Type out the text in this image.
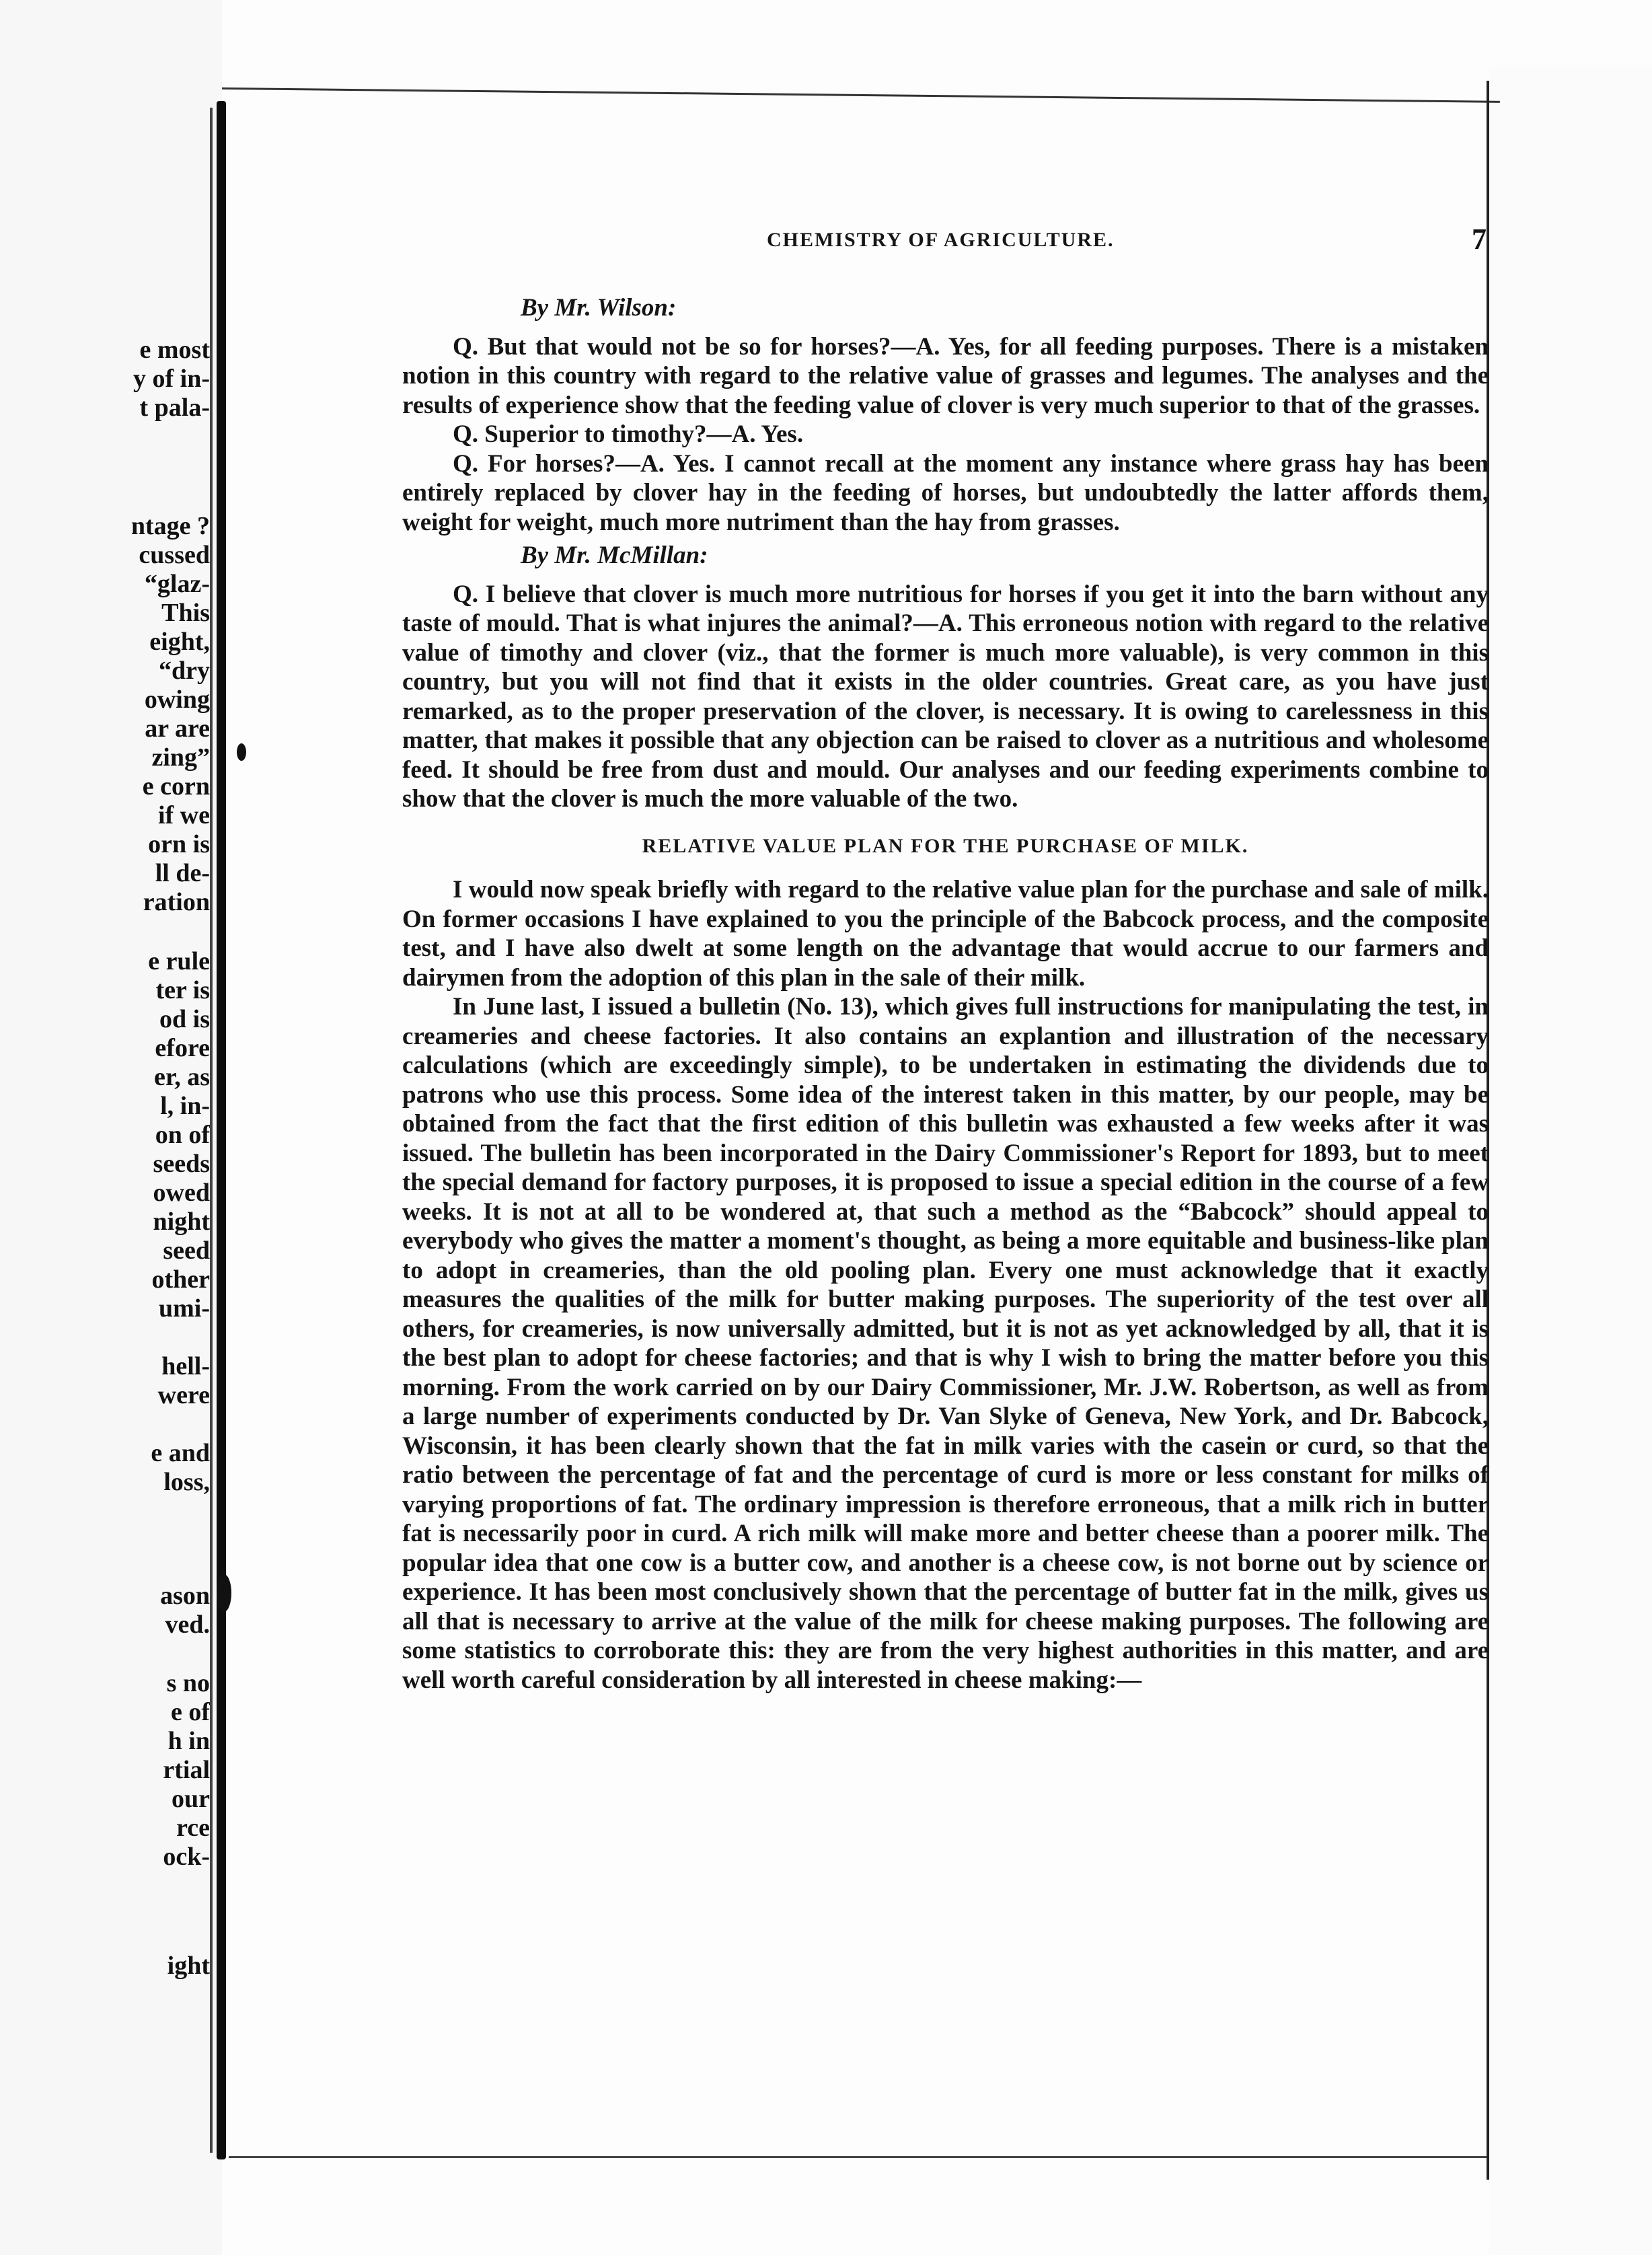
e most
y of in-
t pala-
ntage ?
cussed
“glaz-
This
eight,
“dry
owing
ar are
zing”
e corn
if we
orn is
ll de-
ration
e rule
ter is
od is
efore
er, as
l, in-
on of
seeds
owed
night
seed
other
umi-
hell-
were
e and
loss,
ason
ved.
s no
e of
h in
rtial
our
rce
ock-
ight
CHEMISTRY OF AGRICULTURE.	7

By Mr. Wilson:

Q. But that would not be so for horses?—A. Yes, for all feeding purposes. There is a mistaken notion in this country with regard to the relative value of grasses and legumes. The analyses and the results of experience show that the feeding value of clover is very much superior to that of the grasses.

Q. Superior to timothy?—A. Yes.

Q. For horses?—A. Yes. I cannot recall at the moment any instance where grass hay has been entirely replaced by clover hay in the feeding of horses, but undoubtedly the latter affords them, weight for weight, much more nutriment than the hay from grasses.

By Mr. McMillan:

Q. I believe that clover is much more nutritious for horses if you get it into the barn without any taste of mould. That is what injures the animal?—A. This erroneous notion with regard to the relative value of timothy and clover (viz., that the former is much more valuable), is very common in this country, but you will not find that it exists in the older countries. Great care, as you have just remarked, as to the proper preservation of the clover, is necessary. It is owing to carelessness in this matter, that makes it possible that any objection can be raised to clover as a nutritious and wholesome feed. It should be free from dust and mould. Our analyses and our feeding experiments combine to show that the clover is much the more valuable of the two.

RELATIVE VALUE PLAN FOR THE PURCHASE OF MILK.

I would now speak briefly with regard to the relative value plan for the purchase and sale of milk. On former occasions I have explained to you the principle of the Babcock process, and the composite test, and I have also dwelt at some length on the advantage that would accrue to our farmers and dairymen from the adoption of this plan in the sale of their milk.

In June last, I issued a bulletin (No. 13), which gives full instructions for manipulating the test, in creameries and cheese factories. It also contains an explantion and illustration of the necessary calculations (which are exceedingly simple), to be undertaken in estimating the dividends due to patrons who use this process. Some idea of the interest taken in this matter, by our people, may be obtained from the fact that the first edition of this bulletin was exhausted a few weeks after it was issued. The bulletin has been incorporated in the Dairy Commissioner's Report for 1893, but to meet the special demand for factory purposes, it is proposed to issue a special edition in the course of a few weeks. It is not at all to be wondered at, that such a method as the “Babcock” should appeal to everybody who gives the matter a moment's thought, as being a more equitable and business-like plan to adopt in creameries, than the old pooling plan. Every one must acknowledge that it exactly measures the qualities of the milk for butter making purposes. The superiority of the test over all others, for creameries, is now universally admitted, but it is not as yet acknowledged by all, that it is the best plan to adopt for cheese factories; and that is why I wish to bring the matter before you this morning. From the work carried on by our Dairy Commissioner, Mr. J.W. Robertson, as well as from a large number of experiments conducted by Dr. Van Slyke of Geneva, New York, and Dr. Babcock, Wisconsin, it has been clearly shown that the fat in milk varies with the casein or curd, so that the ratio between the percentage of fat and the percentage of curd is more or less constant for milks of varying proportions of fat. The ordinary impression is therefore erroneous, that a milk rich in butter fat is necessarily poor in curd. A rich milk will make more and better cheese than a poorer milk. The popular idea that one cow is a butter cow, and another is a cheese cow, is not borne out by science or experience. It has been most conclusively shown that the percentage of butter fat in the milk, gives us all that is necessary to arrive at the value of the milk for cheese making purposes. The following are some statistics to corroborate this: they are from the very highest authorities in this matter, and are well worth careful consideration by all interested in cheese making:—
